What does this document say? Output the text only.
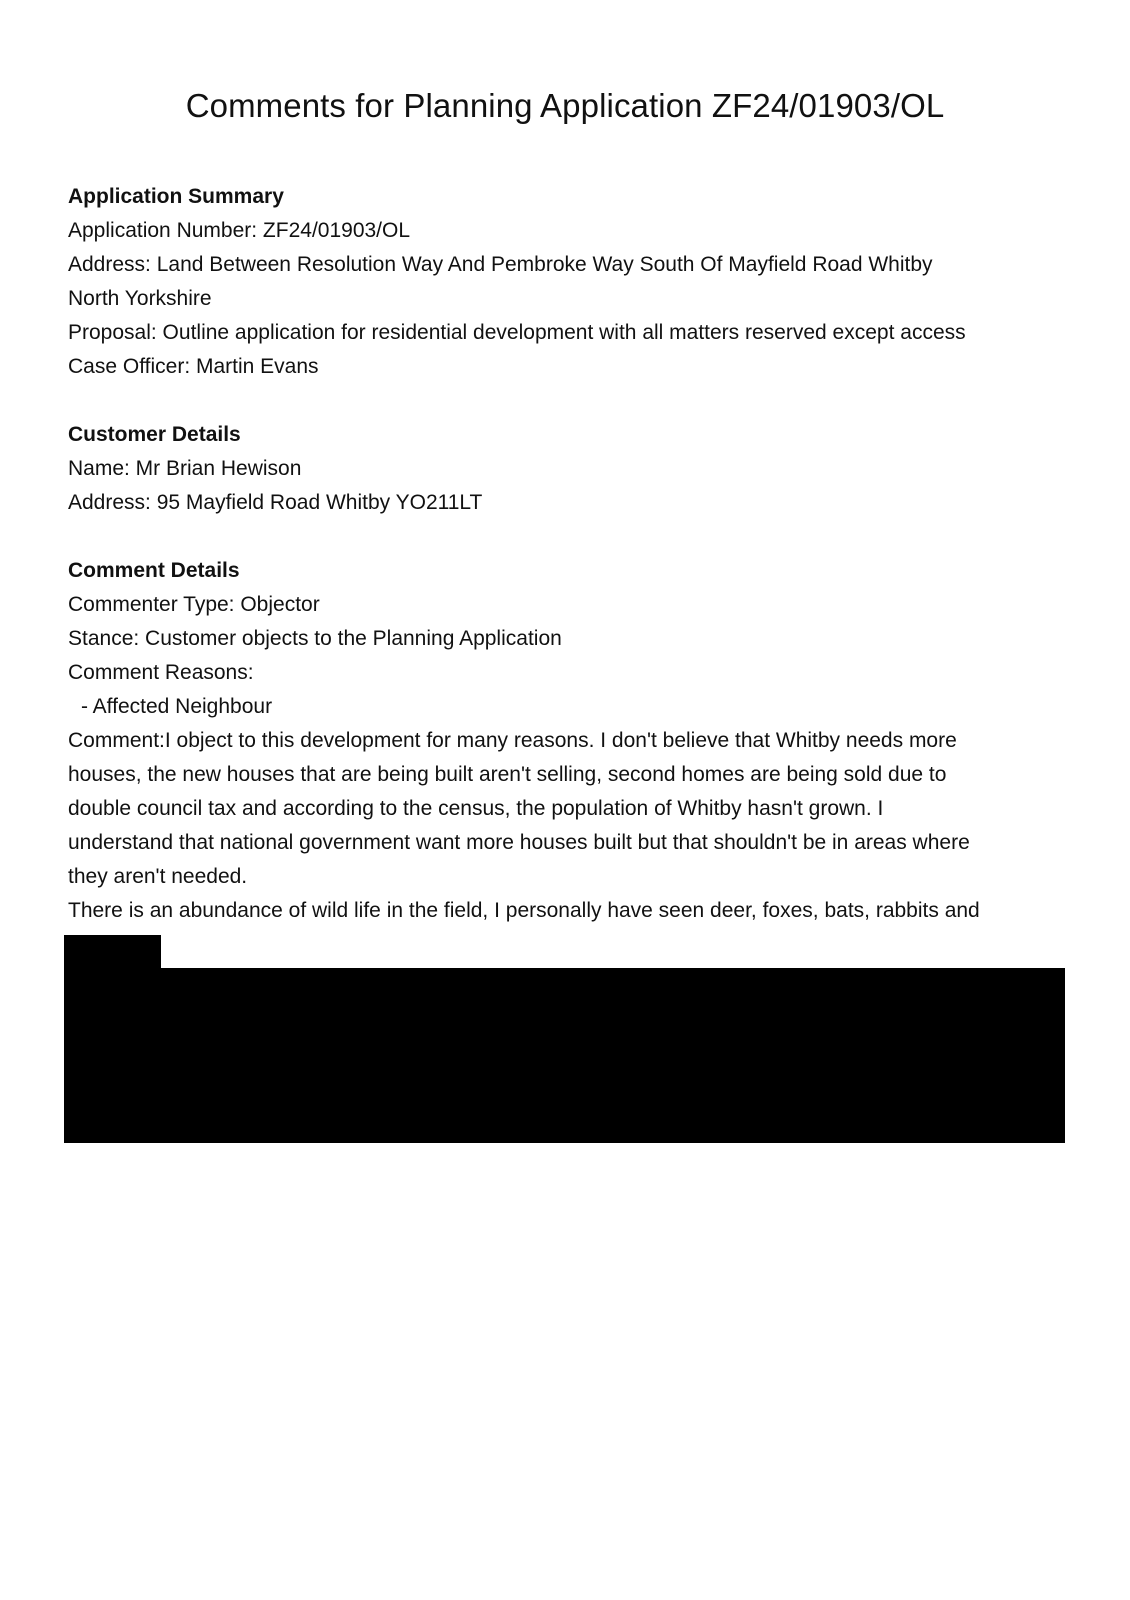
Comments for Planning Application ZF24/01903/OL

Application Summary

Application Number: ZF24/01903/OL

Address: Land Between Resolution Way And Pembroke Way South Of Mayfield Road Whitby

North Yorkshire

Proposal: Outline application for residential development with all matters reserved except access

Case Officer: Martin Evans

Customer Details

Name: Mr Brian Hewison

Address: 95 Mayfield Road Whitby YO211LT

Comment Details

Commenter Type: Objector

Stance: Customer objects to the Planning Application

Comment Reasons:

- Affected Neighbour

Comment:I object to this development for many reasons. I don't believe that Whitby needs more

houses, the new houses that are being built aren't selling, second homes are being sold due to

double council tax and according to the census, the population of Whitby hasn't grown. I

understand that national government want more houses built but that shouldn't be in areas where

they aren't needed.

There is an abundance of wild life in the field, I personally have seen deer, foxes, bats, rabbits and
